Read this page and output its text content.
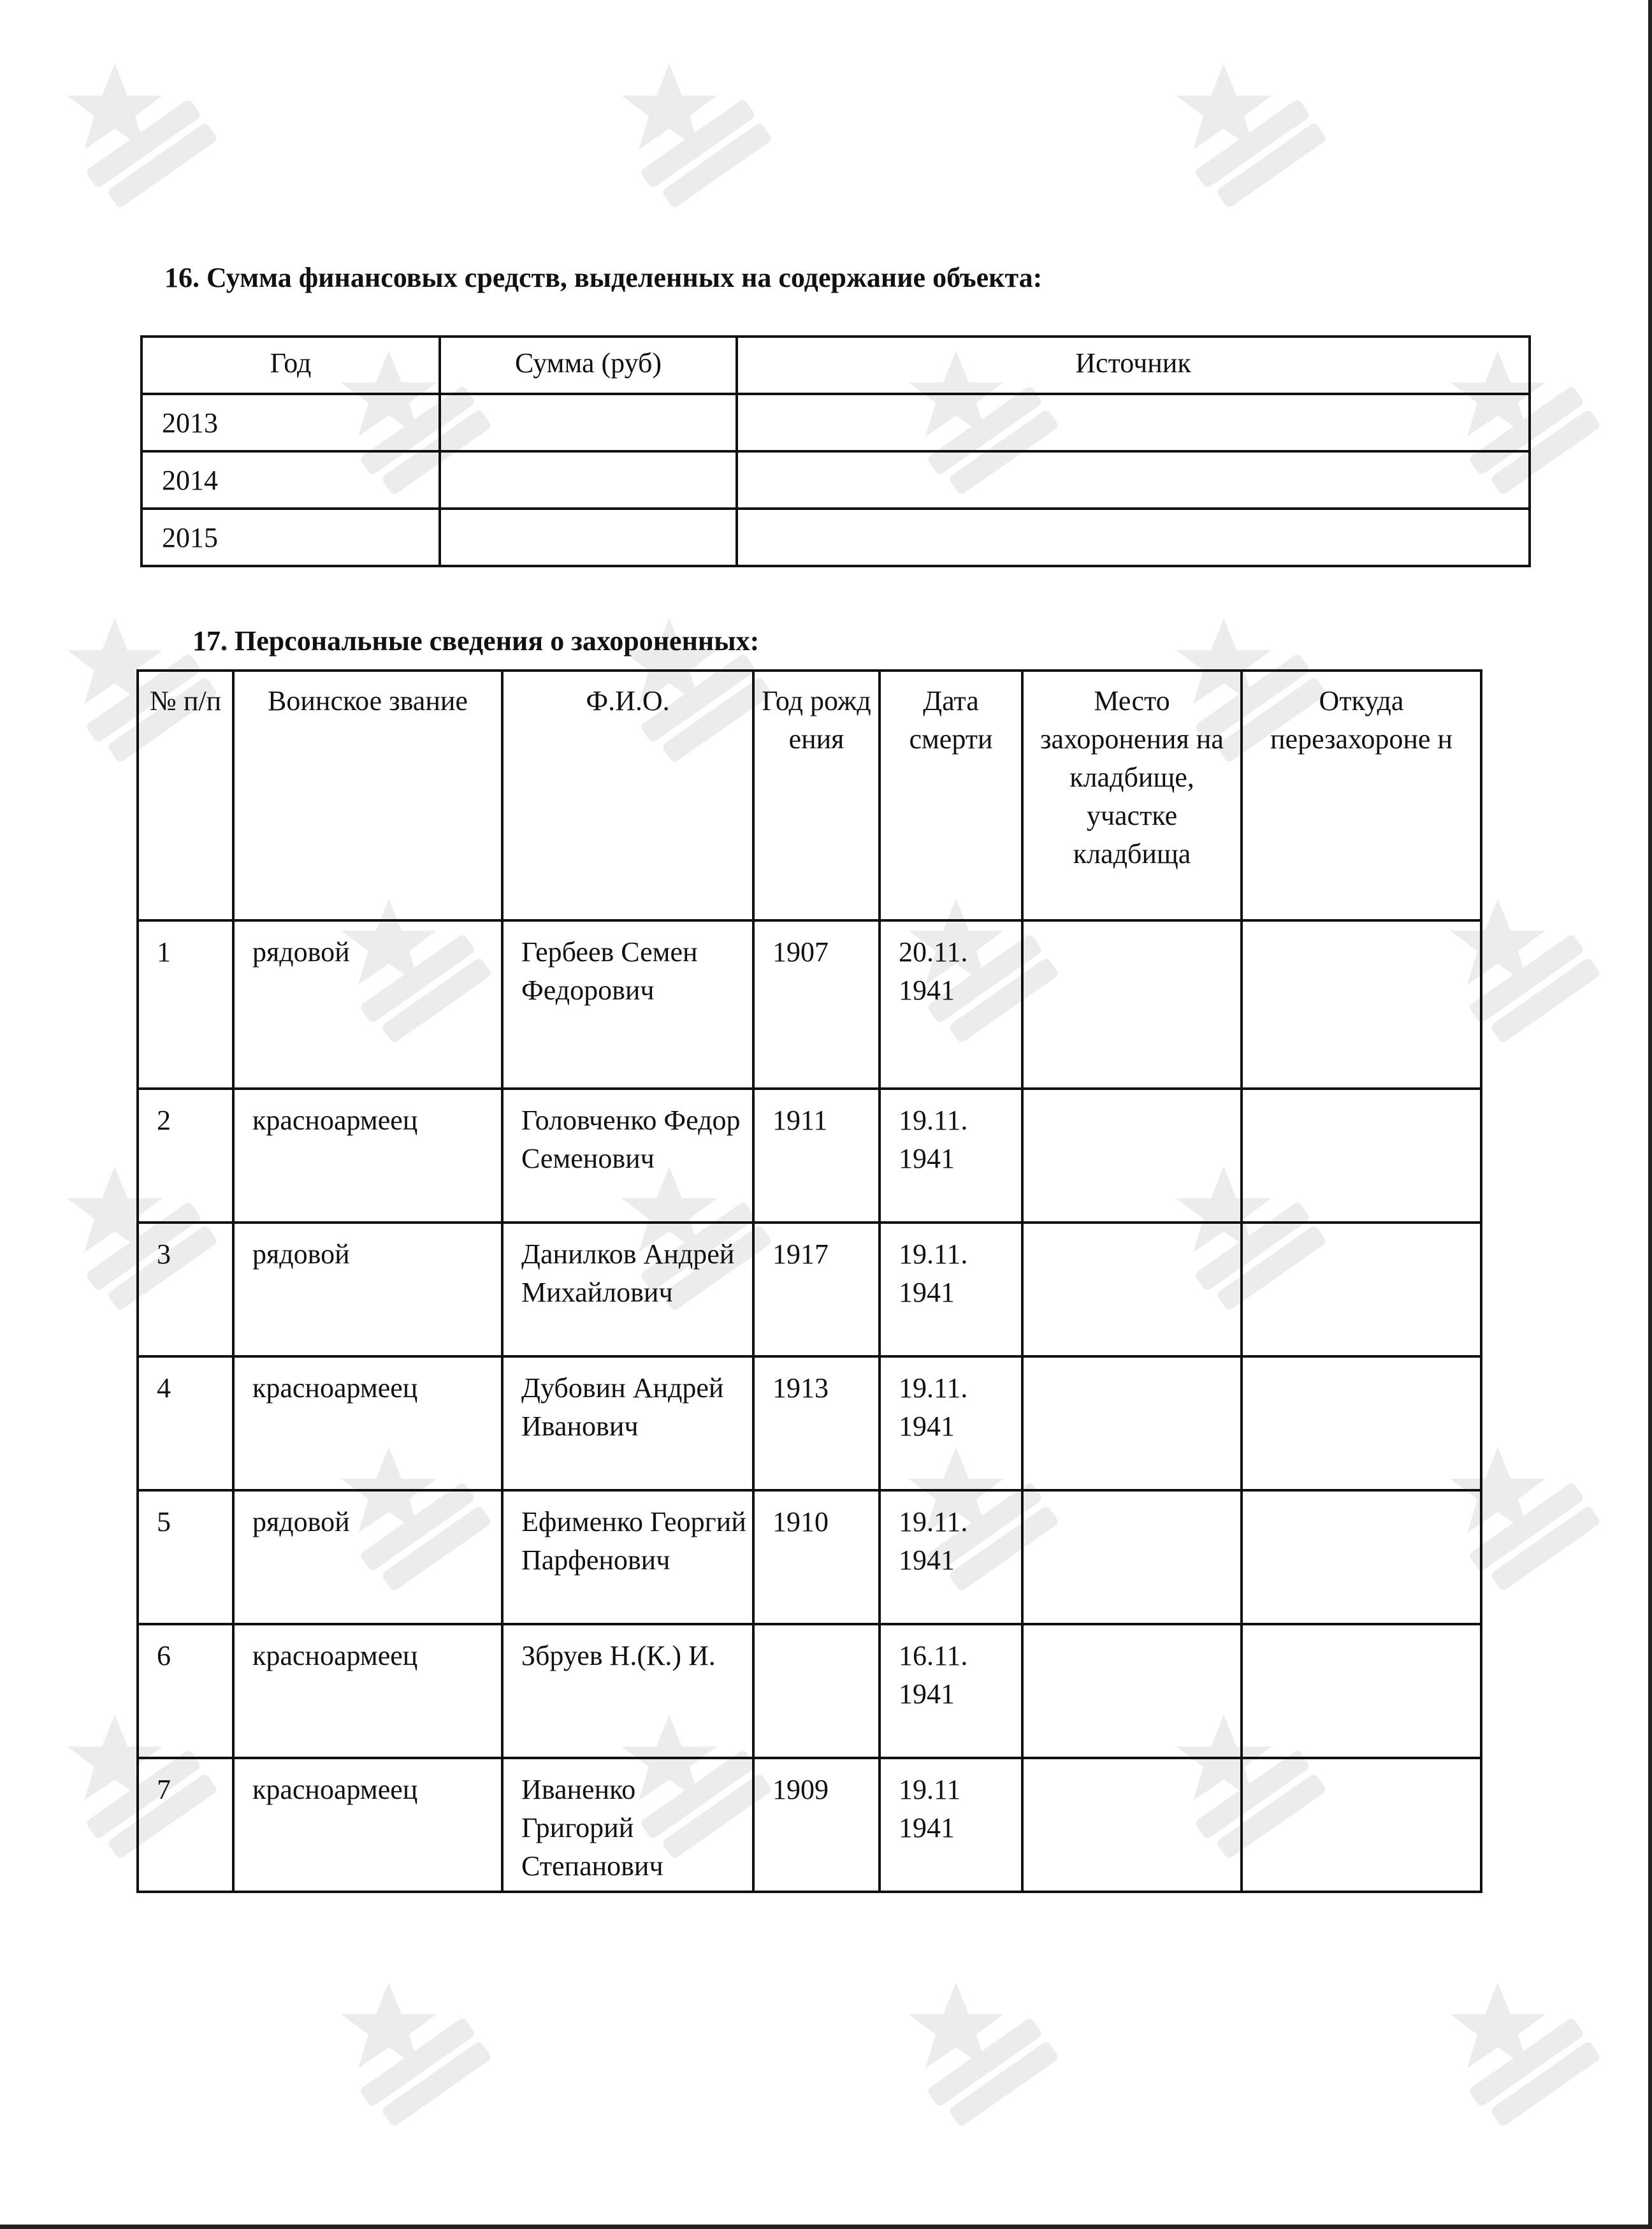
16. Сумма финансовых средств, выделенных на содержание объекта:
Год	Сумма (руб)	Источник
2013		
2014		
2015		
17. Персональные сведения о захороненных:
№ п/п	Воинское звание	Ф.И.О.	Год рожд ения	Дата смерти	Место захоронения на кладбище, участке кладбища	Откуда перезахороне н
1	рядовой	Гербеев Семен Федорович	1907	20.11. 1941		
2	красноармеец	Головченко Федор Семенович	1911	19.11. 1941		
3	рядовой	Данилков Андрей Михайлович	1917	19.11. 1941		
4	красноармеец	Дубовин Андрей Иванович	1913	19.11. 1941		
5	рядовой	Ефименко Георгий Парфенович	1910	19.11. 1941		
6	красноармеец	Збруев Н.(К.) И.		16.11. 1941		
7	красноармеец	Иваненко Григорий Степанович	1909	19.11 1941		
